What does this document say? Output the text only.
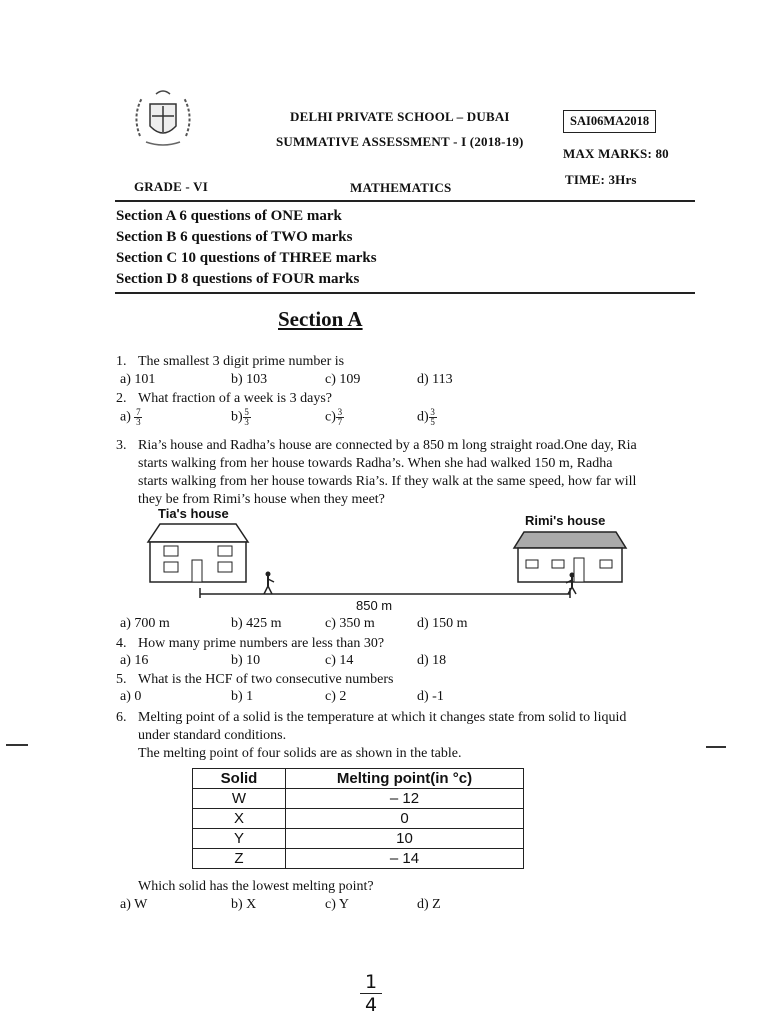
DELHI PRIVATE SCHOOL – DUBAI
SUMMATIVE ASSESSMENT - I (2018-19)
SAI06MA2018
MAX MARKS: 80
TIME: 3Hrs
GRADE - VI	MATHEMATICS
Section A 6 questions of ONE mark
Section B 6 questions of TWO marks
Section C 10 questions of THREE marks
Section D 8 questions of FOUR marks
Section A
1. The smallest 3 digit prime number is
a) 101	b) 103	c) 109	d) 113
2. What fraction of a week is 3 days?
$a) \frac{7}{3}$	$b) \frac{5}{3}$	$c) \frac{3}{7}$	$d) \frac{3}{5}$
3. Ria’s house and Radha’s house are connected by a 850 m long straight road.One day, Ria
starts walking from her house towards Radha’s. When she had walked 150 m, Radha
starts walking from her house towards Ria’s. If they walk at the same speed, how far will
they be from Rimi’s house when they meet?
Tia's house	Rimi's house
850 m
a) 700 m	b) 425 m	c) 350 m	d) 150 m
4. How many prime numbers are less than 30?
a) 16	b) 10	c) 14	d) 18
5. What is the HCF of two consecutive numbers
a) 0	b) 1	c) 2	d) -1
6. Melting point of a solid is the temperature at which it changes state from solid to liquid
under standard conditions.
The melting point of four solids are as shown in the table.
Solid	Melting point(in °c)
W	– 12
X	0
Y	10
Z	– 14
Which solid has the lowest melting point?
a) W	b) X	c) Y	d) Z
1
4
